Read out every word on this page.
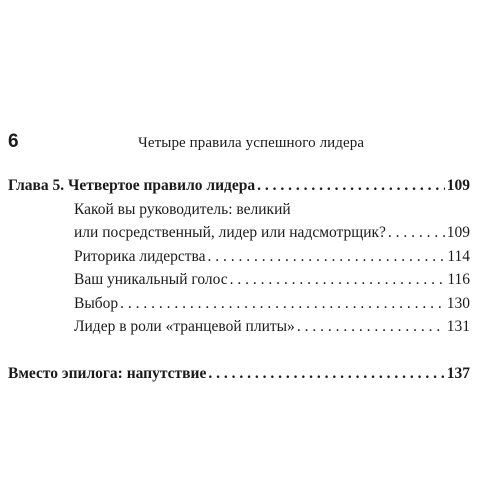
6	Четыре правила успешного лидера
Глава 5. Четвертое правило лидера . . .	109
Какой вы руководитель: великий
или посредственный, лидер или надсмотрщик? . . .	109
Риторика лидерства . . .	114
Ваш уникальный голос . . .	116
Выбор . . .	130
Лидер в роли «транцевой плиты» . . .	131
Вместо эпилога: напутствие . . .	137
